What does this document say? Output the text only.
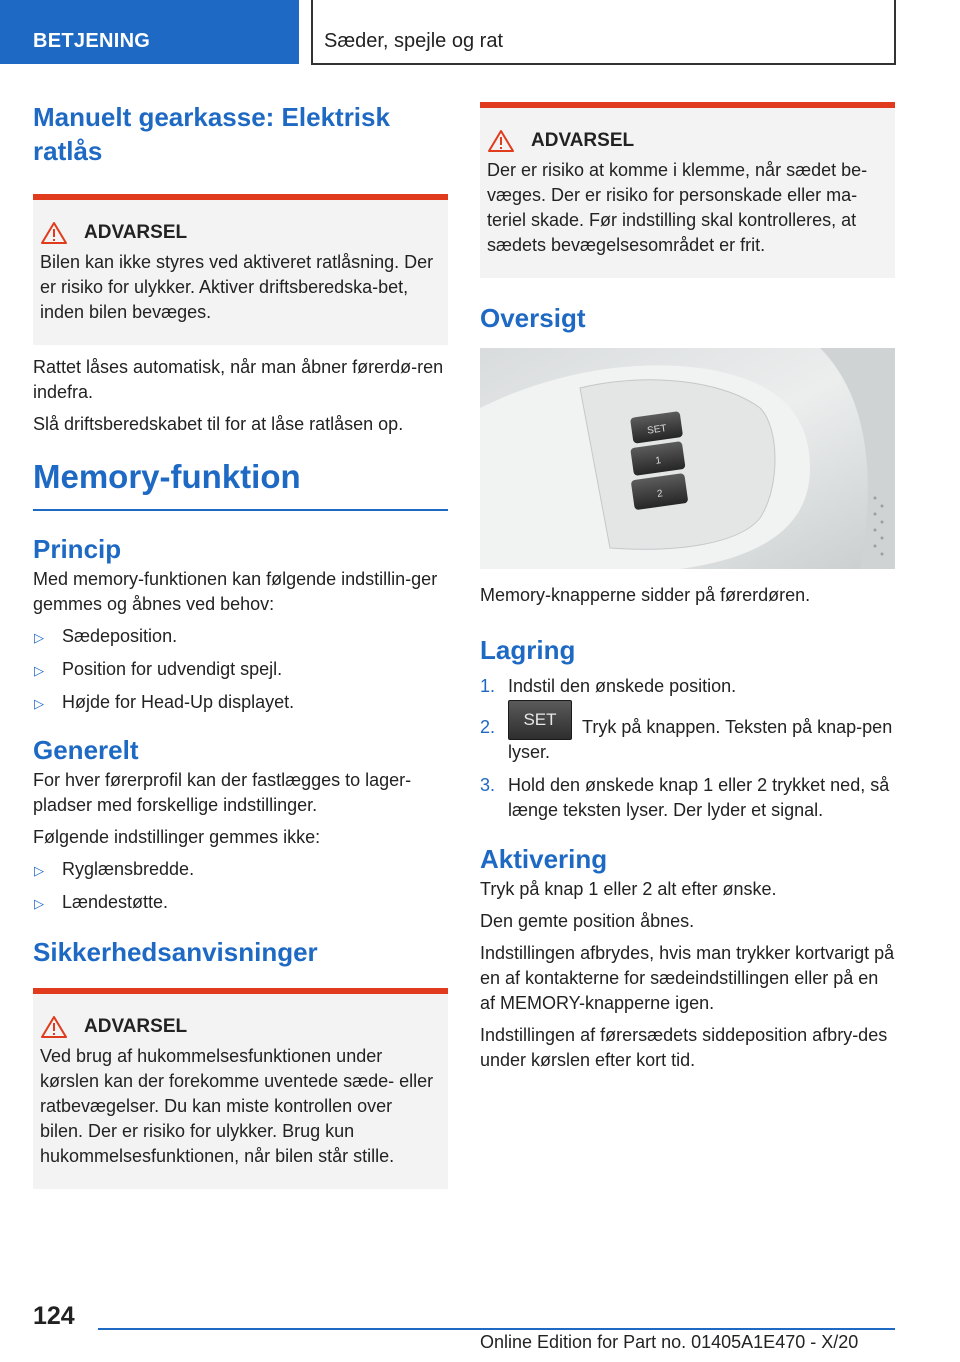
BETJENING	Sæder, spejle og rat
Manuelt gearkasse: Elektrisk ratlås
ADVARSEL
Bilen kan ikke styres ved aktiveret ratlåsning. Der er risiko for ulykker. Aktiver driftsberedska-bet, inden bilen bevæges.

Rattet låses automatisk, når man åbner førerdø-ren indefra.

Slå driftsberedskabet til for at låse ratlåsen op.

Memory-funktion
Princip

Med memory-funktionen kan følgende indstillin-ger gemmes og åbnes ved behov:

▷	Sædeposition.
▷	Position for udvendigt spejl.
▷	Højde for Head-Up displayet.
Generelt

For hver førerprofil kan der fastlægges to lager-pladser med forskellige indstillinger.

Følgende indstillinger gemmes ikke:

▷	Ryglænsbredde.
▷	Lændestøtte.
Sikkerhedsanvisninger
ADVARSEL
Ved brug af hukommelsesfunktionen under kørslen kan der forekomme uventede sæde- eller ratbevægelser. Du kan miste kontrollen over bilen. Der er risiko for ulykker. Brug kun hukommelsesfunktionen, når bilen står stille.
ADVARSEL
Der er risiko at komme i klemme, når sædet be-væges. Der er risiko for personskade eller ma-teriel skade. Før indstilling skal kontrolleres, at sædets bevægelsesområdet er frit.
Oversigt
SET
1
2

Memory-knapperne sidder på førerdøren.

Lagring
1. Indstil den ønskede position.
2.	SET Tryk på knappen. Teksten på knap-pen lyser.
3. Hold den ønskede knap 1 eller 2 trykket ned, så længe teksten lyser. Der lyder et signal.
Aktivering

Tryk på knap 1 eller 2 alt efter ønske.

Den gemte position åbnes.

Indstillingen afbrydes, hvis man trykker kortvarigt på en af kontakterne for sædeindstillingen eller på en af MEMORY-knapperne igen.

Indstillingen af førersædets siddeposition afbry-des under kørslen efter kort tid.

124
Online Edition for Part no. 01405A1E470 - X/20
